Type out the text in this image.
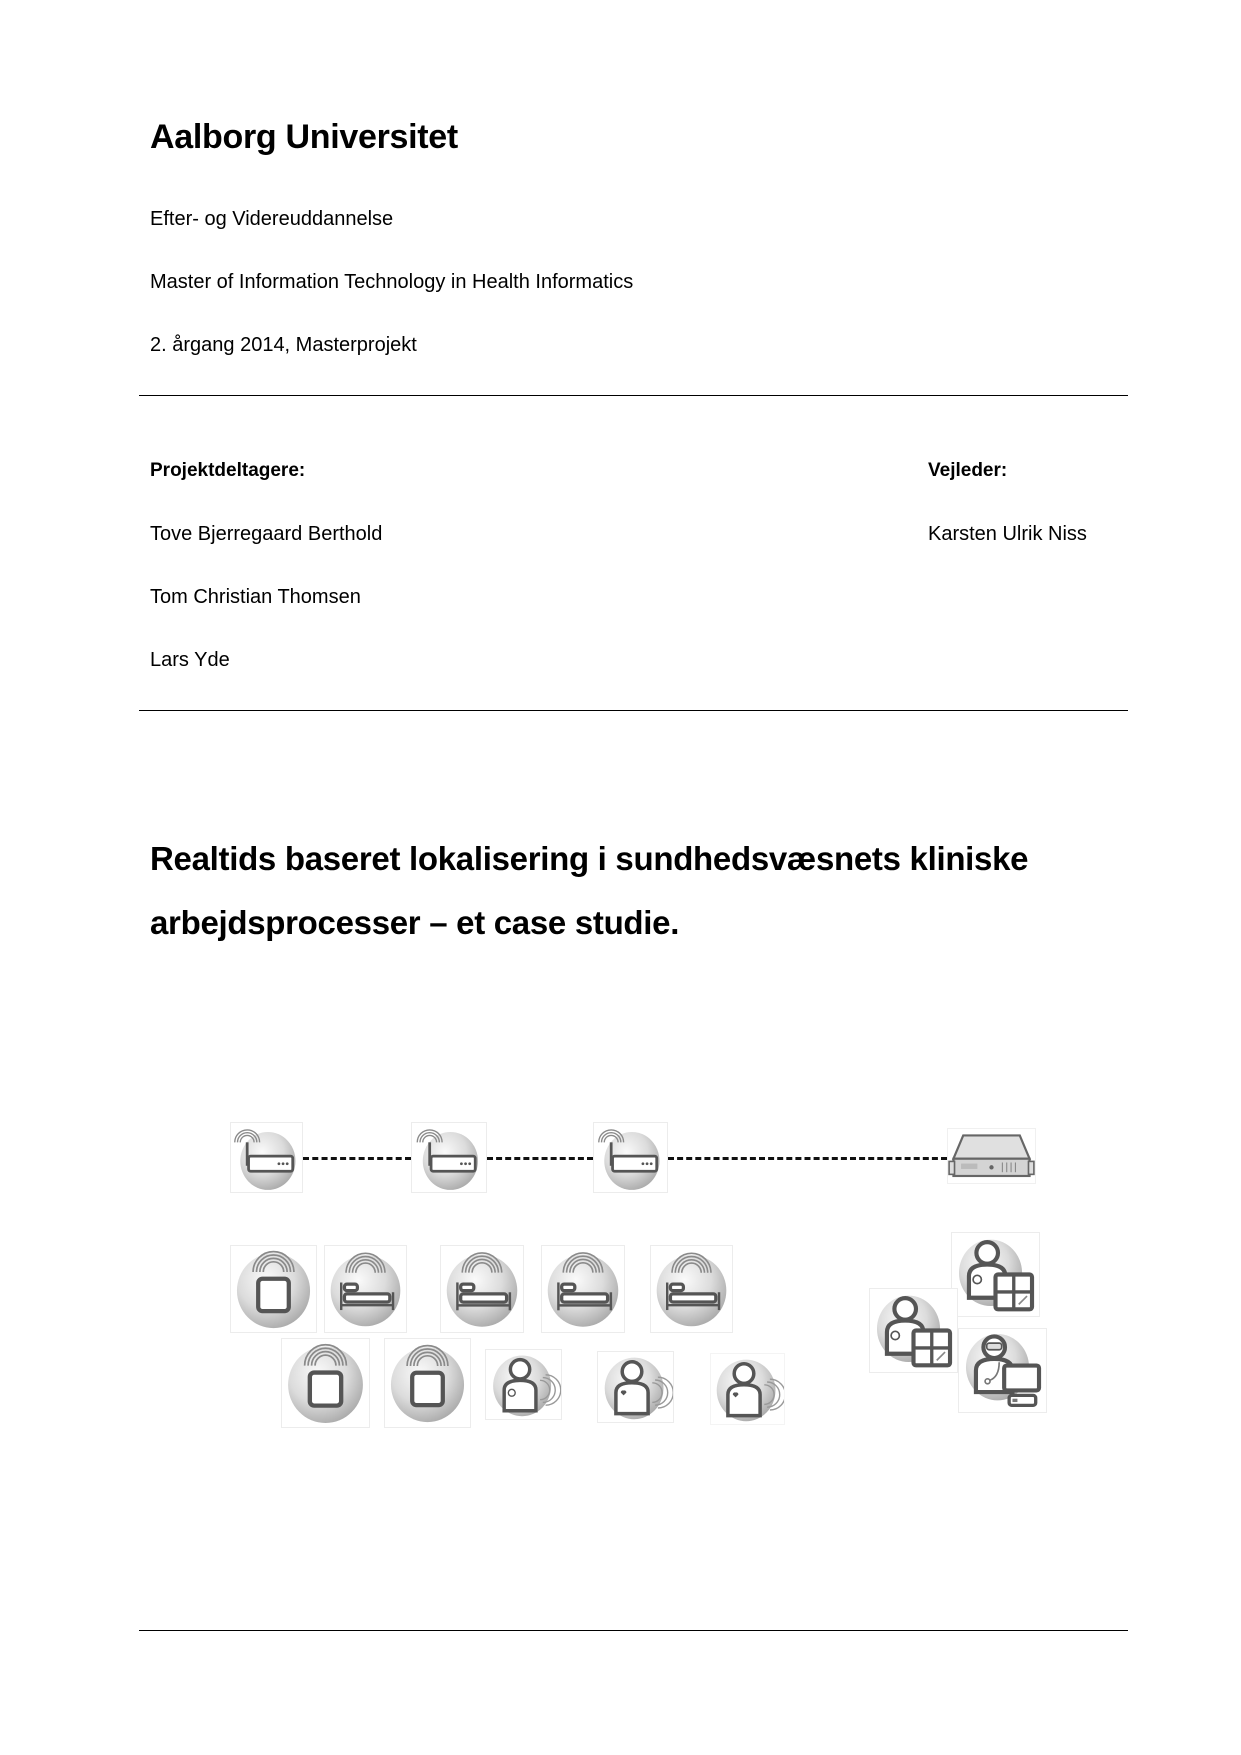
Aalborg Universitet
Efter- og Videreuddannelse
Master of Information Technology in Health Informatics
2. årgang 2014, Masterprojekt
Projektdeltagere:
Tove Bjerregaard Berthold
Tom Christian Thomsen
Lars Yde
Vejleder:
Karsten Ulrik Niss
Realtids baseret lokalisering i sundhedsvæsnets kliniske
arbejdsprocesser – et case studie.
